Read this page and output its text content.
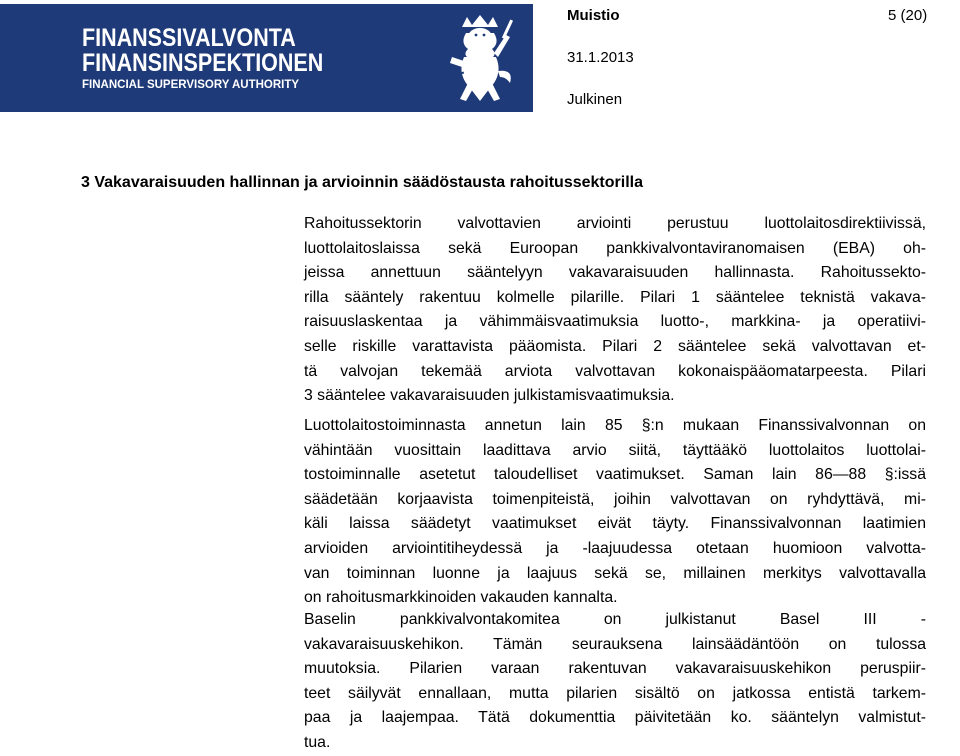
FINANSSIVALVONTA
FINANSINSPEKTIONEN
FINANCIAL SUPERVISORY AUTHORITY
Muistio	5 (20)
31.1.2013
Julkinen
3 Vakavaraisuuden hallinnan ja arvioinnin säädöstausta rahoitussektorilla

Rahoitussektorin valvottavien arviointi perustuu luottolaitosdirektiivissä,
luottolaitoslaissa sekä Euroopan pankkivalvontaviranomaisen (EBA) oh-
jeissa annettuun sääntelyyn vakavaraisuuden hallinnasta. Rahoitussekto-
rilla sääntely rakentuu kolmelle pilarille. Pilari 1 sääntelee teknistä vakava-
raisuuslaskentaa ja vähimmäisvaatimuksia luotto-, markkina- ja operatiivi-
selle riskille varattavista pääomista. Pilari 2 sääntelee sekä valvottavan et-
tä valvojan tekemää arviota valvottavan kokonaispääomatarpeesta. Pilari
3 sääntelee vakavaraisuuden julkistamisvaatimuksia.

Luottolaitostoiminnasta annetun lain 85 §:n mukaan Finanssivalvonnan on
vähintään vuosittain laadittava arvio siitä, täyttääkö luottolaitos luottolai-
tostoiminnalle asetetut taloudelliset vaatimukset. Saman lain 86—88 §:issä
säädetään korjaavista toimenpiteistä, joihin valvottavan on ryhdyttävä, mi-
käli laissa säädetyt vaatimukset eivät täyty. Finanssivalvonnan laatimien
arvioiden arviointitiheydessä ja -laajuudessa otetaan huomioon valvotta-
van toiminnan luonne ja laajuus sekä se, millainen merkitys valvottavalla
on rahoitusmarkkinoiden vakauden kannalta.

Baselin pankkivalvontakomitea on julkistanut Basel III -
vakavaraisuuskehikon. Tämän seurauksena lainsäädäntöön on tulossa
muutoksia. Pilarien varaan rakentuvan vakavaraisuuskehikon peruspiir-
teet säilyvät ennallaan, mutta pilarien sisältö on jatkossa entistä tarkem-
paa ja laajempaa. Tätä dokumenttia päivitetään ko. sääntelyn valmistut-
tua.
